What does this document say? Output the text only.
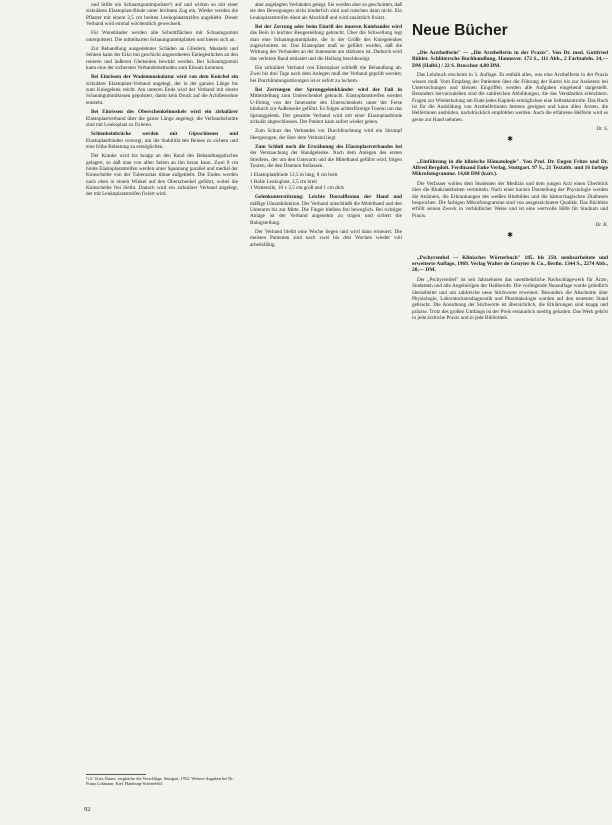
und Stifte ein Schaumgummipolster¹) auf und wirken so mit einer zirkulären Elastoplast-Binde unter leichtem Zug ein. Wieder werden die Pflaster mit einem 2,5 cm breiten Leukoplaststreifen angeklebt. Dieser Verband wird einmal wöchentlich gewechselt.

Für Wundränder werden alle Schnittflächen mit Schaumgummi unterpolstert. Die mittelharten Schaumgummiplatten und bieten sich an.

Zur Behandlung ausgedehnter Schäden an Gliedern, Muskeln und Sehnen kann der Eiko mit geschickt angeordneten Einlegestücken an den inneren und äußeren Gleitseiten bewirkt werden. Bei Schaumgummi kann eine der sichersten Verbandsmethoden zum Einsatz kommen.

Bei Einrissen der Wadenmuskulatur wird von dem Knöchel ein zirkulärer Elastoplast-Verband angelegt, der in der ganzen Länge bis zum Kniegelenk reicht. Am unteren Ende wird der Verband mit einem Schaumgummikissen gepolstert, damit kein Druck auf die Achillessehne entsteht.

Bei Einrissen des Oberschenkelmuskels wird ein zirkulärer Elastoplastverband über die ganze Länge angelegt; die Verbandschnitte sind mit Leukoplast zu fixieren.

Schienbeinbrüche werden mit Gipsschienen und Elastoplastbinden versorgt, um die Stabilität des Beines zu sichern und eine frühe Belastung zu ermöglichen.

Der Kranke wird bis knapp an den Rand des Behandlungstisches gelagert, so daß man von allen Seiten an ihn heran kann. Zwei 8 cm breite Elastoplaststreifen werden unter Spannung parallel und medial der Kniescheibe von der Tuberositas tibiae aufgeklebt. Die Enden werden nach oben in einem Winkel auf den Oberschenkel geführt, wobei die Kniescheibe frei bleibt. Danach wird ein zirkulärer Verband angelegt, der mit Leukoplaststreifen fixiert wird.

¹) S. Utter, Bauer, vergleiche die Vorschläge, Stuttgart, 1952. Weitere Angaben bei Dr. Franz Lohmann, Kiel, Hamburg-Schenefeld.
92

aber angelegten Verbänden gelegt. Sie werden aber so geschnitten, daß sie den Bewegungen nicht hinderlich sind und rutschen dann nicht. Ein Leukoplaststreifen dient als Abschluß und wird zusätzlich fixiert.

Bei der Zerrung oder beim Einriß des inneren Kniebandes wird das Bein in leichter Beugestellung gebracht. Über die Schwellung legt man eine Schaumgummiplatte, die in der Größe des Kniegelenkes zugeschnitten ist. Das Elastoplast muß so geführt werden, daß die Wirkung des Verbandes an der Innenseite am stärksten ist. Dadurch wird das verletzte Band entlastet und die Heilung beschleunigt.

Ein zirkulärer Verband von Elastoplast schließt die Behandlung ab. Zwei bis drei Tage nach dem Anlegen muß der Verband geprüft werden; bei Durchblutungsstörungen ist er sofort zu lockern.

Bei Zerrungen der Sprunggelenkbänder wird der Fuß in Mittelstellung zum Unterschenkel gebracht. Elastoplaststreifen werden U-förmig von der Innenseite des Unterschenkels unter der Ferse hindurch zur Außenseite geführt. Es folgen achterförmige Touren um das Sprunggelenk. Der gesamte Verband wird mit einer Elastoplastbinde zirkulär abgeschlossen. Der Patient kann sofort wieder gehen.

Zum Schutz des Verbandes vor Durchfeuchtung wird ein Strumpf übergezogen, der über dem Verband liegt.

Zum Schluß noch die Erwähnung des Elastoplastverbandes bei der Verstauchung der Handgelenke. Nach dem Anlegen des ersten Streifens, der um den Unterarm und die Mittelhand geführt wird, folgen Touren, die den Daumen freilassen.

1 Elastoplastbinde 12,5 m lang, 8 cm breit
1 Rolle Leukoplast, 2,5 cm breit
1 Watterolle, 10 x 3,5 cm groß und 1 cm dick

Gelenkunterstützung: Leichte Dorsalflexion der Hand und mäßige Ulnarabduktion. Der Verband umschließt die Mittelhand und den Unterarm bis zur Mitte. Die Finger bleiben frei beweglich. Bei richtiger Anlage ist der Verband angenehm zu tragen und sichert die Ruhigstellung.

Der Verband bleibt eine Woche liegen und wird dann erneuert. Die meisten Patienten sind nach zwei bis drei Wochen wieder voll arbeitsfähig.

Neue Bücher

„Die Arzthelferin" — „Die Arzthelferin in der Praxis". Von Dr. med. Gottfried Bühler. Schlütersche Buchhandlung, Hannover. 172 S., 111 Abb., 2 Farbtafeln. 24,— DM (Halbl.) / 22 S. Broschur 4,80 DM.

Das Lehrbuch erscheint in 3. Auflage. Es enthält alles, was eine Arzthelferin in der Praxis wissen muß. Vom Empfang der Patienten über die Führung der Kartei bis zur Assistenz bei Untersuchungen und kleinen Eingriffen werden alle Aufgaben eingehend dargestellt. Besonders hervorzuheben sind die zahlreichen Abbildungen, die das Verständnis erleichtern. Fragen zur Wiederholung am Ende jedes Kapitels ermöglichen eine Selbstkontrolle. Das Buch ist für die Ausbildung von Arzthelferinnen bestens geeignet und kann allen Ärzten, die Helferinnen ausbilden, nachdrücklich empfohlen werden. Auch die erfahrene Helferin wird es gerne zur Hand nehmen.

Dr. S.

✱

„Einführung in die klinische Hämatologie". Von Prof. Dr. Eugen Fritze und Dr. Alfred Bergdolt. Ferdinand Enke Verlag, Stuttgart. 97 S., 21 Textabb. und 16 farbige Mikrofotogramme. 14,60 DM (kart.).

Die Verfasser wollen dem Studenten der Medizin und dem jungen Arzt einen Überblick über die Blutkrankheiten vermitteln. Nach einer kurzen Darstellung der Physiologie werden die Anämien, die Erkrankungen des weißen Blutbildes und die hämorrhagischen Diathesen besprochen. Die farbigen Mikrofotogramme sind von ausgezeichneter Qualität. Das Büchlein erfüllt seinen Zweck in vorbildlicher Weise und ist eine wertvolle Hilfe für Studium und Praxis.

Dr. K.

✱

„Pschyrembel — Klinisches Wörterbuch" 185. bis 250. neubearbeitete und erweiterte Auflage, 1969. Verlag Walter de Gruyter & Co., Berlin. 1344 S., 2274 Abb., 28,— DM.

Der „Pschyrembel" ist seit Jahrzehnten das unentbehrliche Nachschlagewerk für Ärzte, Studenten und alle Angehörigen der Heilberufe. Die vorliegende Neuauflage wurde gründlich überarbeitet und um zahlreiche neue Stichworte erweitert. Besonders die Abschnitte über Physiologie, Laboratoriumsdiagnostik und Pharmakologie wurden auf den neuesten Stand gebracht. Die Anordnung der Stichworte ist übersichtlich, die Erklärungen sind knapp und präzise. Trotz des großen Umfangs ist der Preis erstaunlich niedrig gehalten. Das Werk gehört in jede ärztliche Praxis und in jede Bibliothek.
